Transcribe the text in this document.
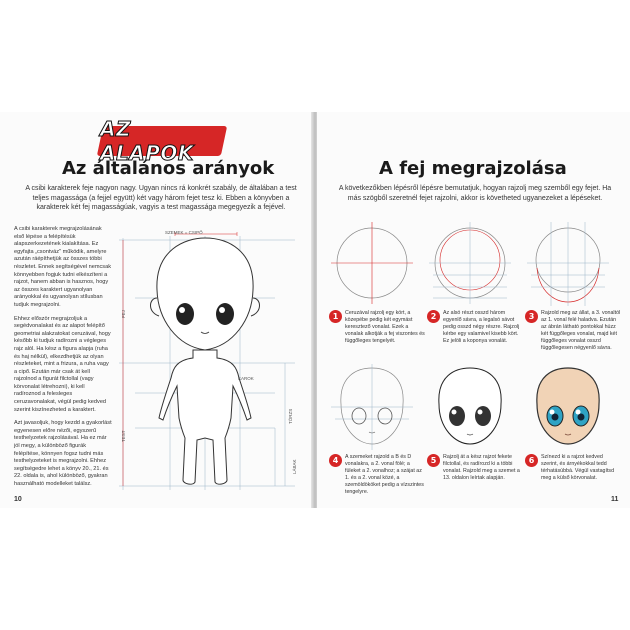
AZ ALAPOK
Az általános arányok
A csibi karakterek feje nagyon nagy. Ugyan nincs rá konkrét szabály, de általában a test teljes magassága (a fejjel együtt) két vagy három fejet tesz ki. Ebben a könyvben a karakterek két fej magasságúak, vagyis a test magassága megegyezik a fejével.

A csibi karakterek megrajzolásának első lépése a felépítésük alapszerkezetének kialakítása. Ez egyfajta „csontváz" működik, amelyre azután ráépíthetjük az összes többi részletet. Ennek segítségével nemcsak könnyebben fogjuk tudni elkészíteni a rajzot, hanem abban is hasznos, hogy az összes karaktert ugyanolyan arányokkal és ugyanolyan stílusban tudjuk megrajzolni.

Ehhez először megrajzoljuk a segédvonalakat és az alapot felépítő geometriai alakzatokat ceruzával, hogy később ki tudjuk radírozni a végleges rajz alól. Ha kész a figura alapja (ruha és haj nélkül), elkezdhetjük az olyan részleteket, mint a frizura, a ruha vagy a cipő. Ezután már csak át kell rajzolnod a figurát filctollal (vagy körvonalat létrehozni), ki kell radíroznod a felesleges ceruzavonalakat, végül pedig kedved szerint kiszínezheted a karaktert.

Azt javasoljuk, hogy kezdd a gyakorlást egyenesen előre nézői, egyszerű testhelyzetek rajzolásával. Ha ez már jól megy, a különböző figurák felépítése, könnyen fogsz tudni más testhelyzeteket is megrajzolni. Ehhez segítségedre lehet a könyv 20., 21. és 22. oldala is, ahol különböző, gyakran használható modelleket találsz.

SZEMEK = CSIPŐ
FEJ
TEST
KAROK
TÖRZS
LÁBAK
10
A fej megrajzolása
A következőkben lépésről lépésre bemutatjuk, hogyan rajzolj meg szemből egy fejet. Ha más szögből szeretnél fejet rajzolni, akkor is követheted ugyanezeket a lépéseket.
1	Ceruzával rajzolj egy kört, a közepébe pedig két egymást keresztező vonalat. Ezek a vonalak alkotják a fej viszontes és függőleges tengelyét.
2	Az alsó részt osszd három egyenlő sávra, a legalsó sávot pedig osszd négy részre. Rajzolj kérbe egy valamivel kisebb kört. Ez jelöli a koponya vonalát.
3	Rajzold meg az állat, a 3. vonaltól az 1. vonal felé haladva. Ezután az ábrán látható pontokkal húzz két függőleges vonalat, majd két függőleges vonalat osszd függőlegesen négyenlő sávra.
4	A szemeket rajzold a B és D vonalakra, a 2. vonal fölé; a füleket a 2. vonalhoz; a szájat az 1. és a 2. vonal közé, a szemöldököket pedig a vízszintes tengelyre.
5	Rajzolj át a kész rajzot fekete filctollal, és radírozd ki a többi vonalat. Rajzold meg a szemet a 13. oldalon leírtak alapján.
6	Színezd ki a rajzot kedved szerint, és árnyékokkal tedd térhatásúbbá. Végül vastagítsd meg a külső körvonalat.
11
